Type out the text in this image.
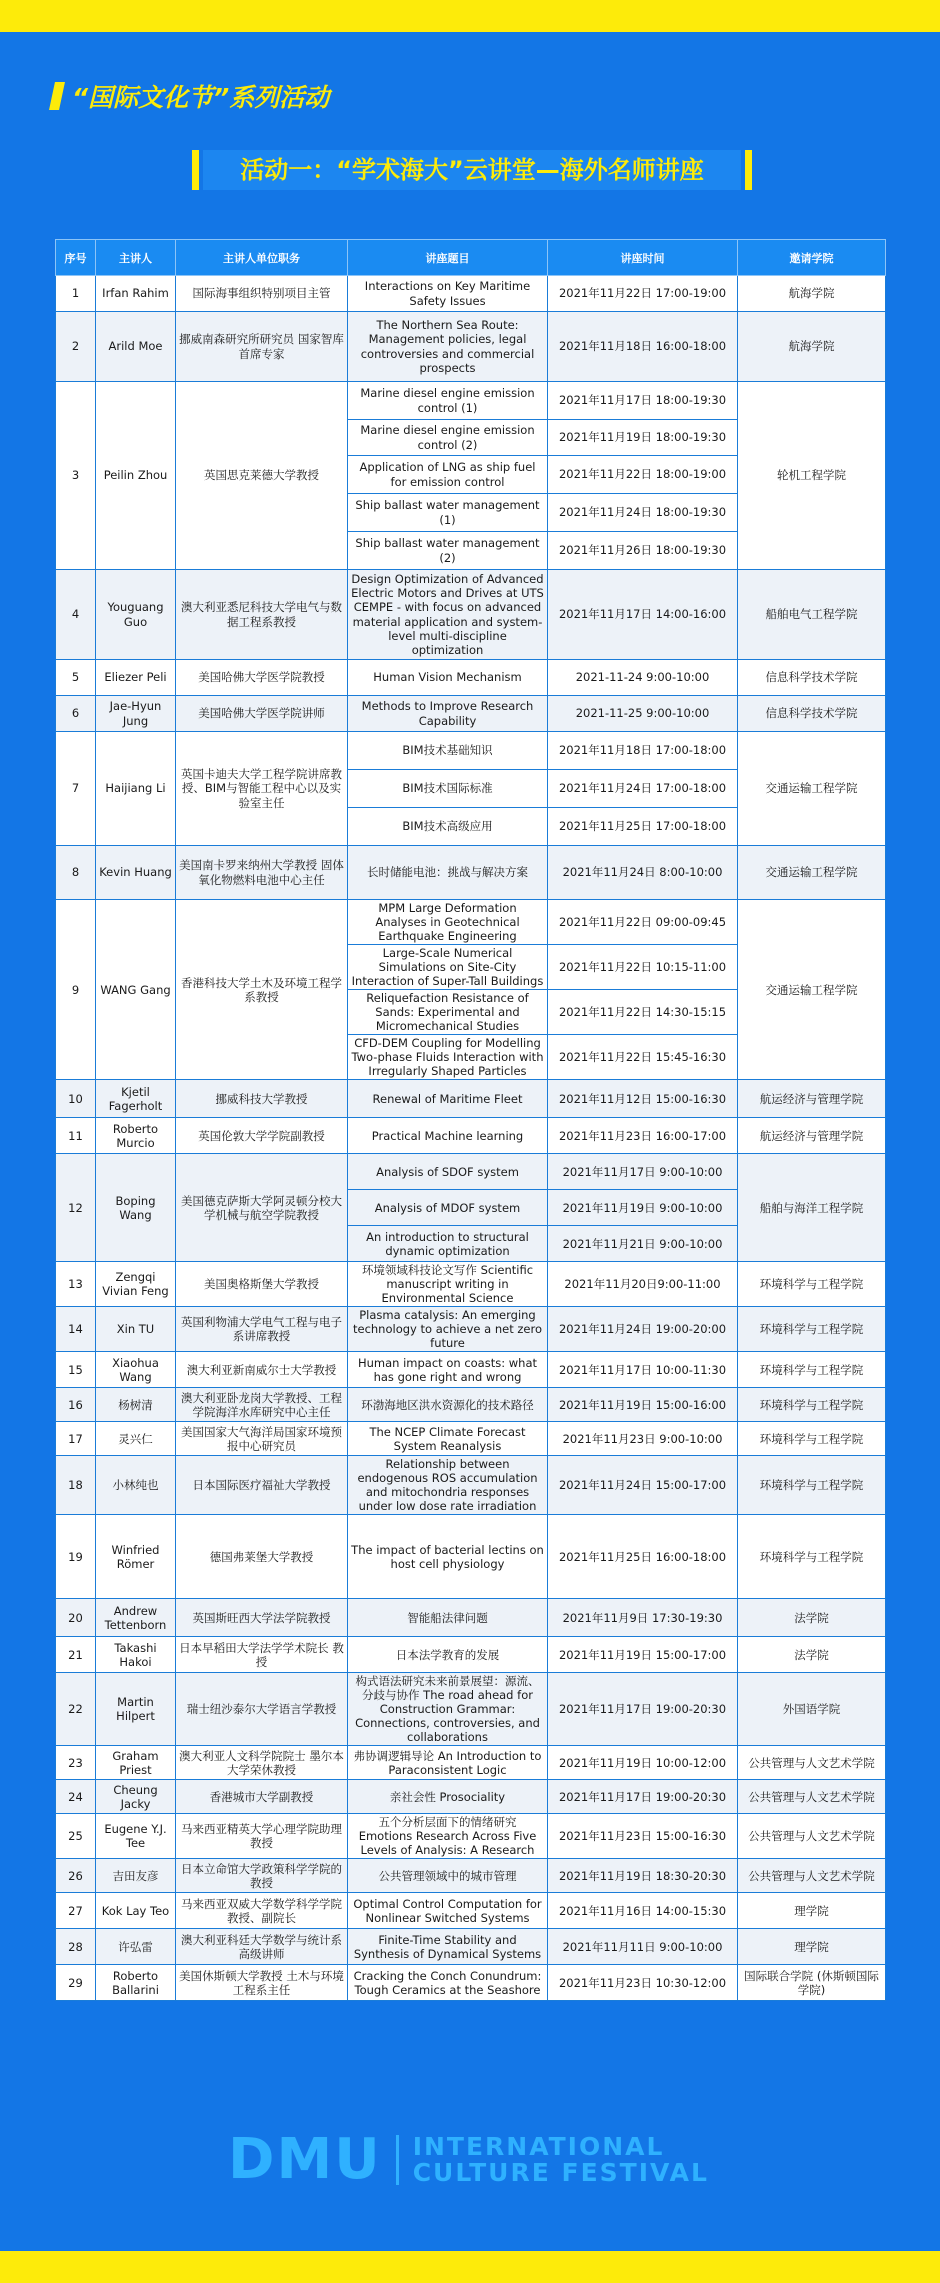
“国际文化节”系列活动
活动一：“学术海大”云讲堂—海外名师讲座
序号	主讲人	主讲人单位职务	讲座题目	讲座时间	邀请学院
1	Irfan Rahim	国际海事组织特别项目主管	Interactions on Key Maritime Safety Issues	2021年11月22日 17:00-19:00	航海学院
2	Arild Moe	挪威南森研究所研究员 国家智库首席专家	The Northern Sea Route: Management policies, legal controversies and commercial prospects	2021年11月18日 16:00-18:00	航海学院
3	Peilin Zhou	英国思克莱德大学教授	Marine diesel engine emission control (1)	2021年11月17日 18:00-19:30	轮机工程学院
			Marine diesel engine emission control (2)	2021年11月19日 18:00-19:30	
			Application of LNG as ship fuel for emission control	2021年11月22日 18:00-19:00	
			Ship ballast water management (1)	2021年11月24日 18:00-19:30	
			Ship ballast water management (2)	2021年11月26日 18:00-19:30	
4	Youguang Guo	澳大利亚悉尼科技大学电气与数据工程系教授	Design Optimization of Advanced Electric Motors and Drives at UTS CEMPE - with focus on advanced material application and system-level multi-discipline optimization	2021年11月17日 14:00-16:00	船舶电气工程学院
5	Eliezer Peli	美国哈佛大学医学院教授	Human Vision Mechanism	2021-11-24 9:00-10:00	信息科学技术学院
6	Jae-Hyun Jung	美国哈佛大学医学院讲师	Methods to Improve Research Capability	2021-11-25 9:00-10:00	信息科学技术学院
7	Haijiang Li	英国卡迪夫大学工程学院讲席教授、BIM与智能工程中心以及实验室主任	BIM技术基础知识	2021年11月18日 17:00-18:00	交通运输工程学院
			BIM技术国际标准	2021年11月24日 17:00-18:00	
			BIM技术高级应用	2021年11月25日 17:00-18:00	
8	Kevin Huang	美国南卡罗来纳州大学教授 固体氧化物燃料电池中心主任	长时储能电池：挑战与解决方案	2021年11月24日 8:00-10:00	交通运输工程学院
9	WANG Gang	香港科技大学土木及环境工程学系教授	MPM Large Deformation Analyses in Geotechnical Earthquake Engineering	2021年11月22日 09:00-09:45	交通运输工程学院
			Large-Scale Numerical Simulations on Site-City Interaction of Super-Tall Buildings	2021年11月22日 10:15-11:00	
			Reliquefaction Resistance of Sands: Experimental and Micromechanical Studies	2021年11月22日 14:30-15:15	
			CFD-DEM Coupling for Modelling Two-phase Fluids Interaction with Irregularly Shaped Particles	2021年11月22日 15:45-16:30	
10	Kjetil Fagerholt	挪威科技大学教授	Renewal of Maritime Fleet	2021年11月12日 15:00-16:30	航运经济与管理学院
11	Roberto Murcio	英国伦敦大学学院副教授	Practical Machine learning	2021年11月23日 16:00-17:00	航运经济与管理学院
12	Boping Wang	美国德克萨斯大学阿灵顿分校大学机械与航空学院教授	Analysis of SDOF system	2021年11月17日 9:00-10:00	船舶与海洋工程学院
			Analysis of MDOF system	2021年11月19日 9:00-10:00	
			An introduction to structural dynamic optimization	2021年11月21日 9:00-10:00	
13	Zengqi Vivian Feng	美国奥格斯堡大学教授	环境领域科技论文写作 Scientific manuscript writing in Environmental Science	2021年11月20日9:00-11:00	环境科学与工程学院
14	Xin TU	英国利物浦大学电气工程与电子系讲席教授	Plasma catalysis: An emerging technology to achieve a net zero future	2021年11月24日 19:00-20:00	环境科学与工程学院
15	Xiaohua Wang	澳大利亚新南威尔士大学教授	Human impact on coasts: what has gone right and wrong	2021年11月17日 10:00-11:30	环境科学与工程学院
16	杨树清	澳大利亚卧龙岗大学教授、工程学院海洋水库研究中心主任	环渤海地区洪水资源化的技术路径	2021年11月19日 15:00-16:00	环境科学与工程学院
17	灵兴仁	美国国家大气海洋局国家环境预报中心研究员	The NCEP Climate Forecast System Reanalysis	2021年11月23日 9:00-10:00	环境科学与工程学院
18	小林纯也	日本国际医疗福祉大学教授	Relationship between endogenous ROS accumulation and mitochondria responses under low dose rate irradiation	2021年11月24日 15:00-17:00	环境科学与工程学院
19	Winfried Römer	德国弗莱堡大学教授	The impact of bacterial lectins on host cell physiology	2021年11月25日 16:00-18:00	环境科学与工程学院
20	Andrew Tettenborn	英国斯旺西大学法学院教授	智能船法律问题	2021年11月9日 17:30-19:30	法学院
21	Takashi Hakoi	日本早稻田大学法学学术院长 教授	日本法学教育的发展	2021年11月19日 15:00-17:00	法学院
22	Martin Hilpert	瑞士纽沙泰尔大学语言学教授	构式语法研究未来前景展望：源流、分歧与协作 The road ahead for Construction Grammar: Connections, controversies, and collaborations	2021年11月17日 19:00-20:30	外国语学院
23	Graham Priest	澳大利亚人文科学院院士 墨尔本大学荣休教授	弗协调逻辑导论 An Introduction to Paraconsistent Logic	2021年11月19日 10:00-12:00	公共管理与人文艺术学院
24	Cheung Jacky	香港城市大学副教授	亲社会性 Prosociality	2021年11月17日 19:00-20:30	公共管理与人文艺术学院
25	Eugene Y.J. Tee	马来西亚精英大学心理学院助理教授	五个分析层面下的情绪研究 Emotions Research Across Five Levels of Analysis: A Research	2021年11月23日 15:00-16:30	公共管理与人文艺术学院
26	吉田友彦	日本立命馆大学政策科学学院的教授	公共管理领域中的城市管理	2021年11月19日 18:30-20:30	公共管理与人文艺术学院
27	Kok Lay Teo	马来西亚双威大学数学科学学院教授、副院长	Optimal Control Computation for Nonlinear Switched Systems	2021年11月16日 14:00-15:30	理学院
28	许弘雷	澳大利亚科廷大学数学与统计系高级讲师	Finite-Time Stability and Synthesis of Dynamical Systems	2021年11月11日 9:00-10:00	理学院
29	Roberto Ballarini	美国休斯顿大学教授 土木与环境工程系主任	Cracking the Conch Conundrum: Tough Ceramics at the Seashore	2021年11月23日 10:30-12:00	国际联合学院 (休斯顿国际学院)
DMU INTERNATIONAL
CULTURE FESTIVAL
